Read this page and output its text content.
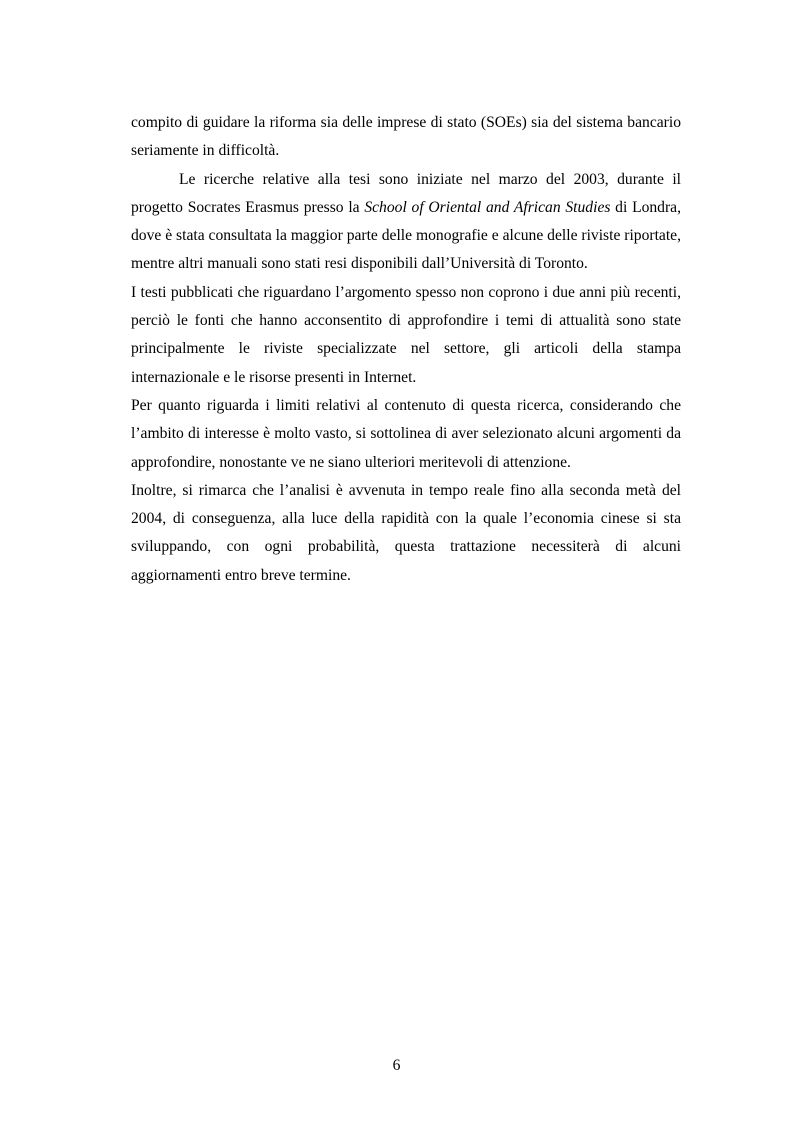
compito di guidare la riforma sia delle imprese di stato (SOEs) sia del sistema bancario seriamente in difficoltà.

Le ricerche relative alla tesi sono iniziate nel marzo del 2003, durante il progetto Socrates Erasmus presso la School of Oriental and African Studies di Londra, dove è stata consultata la maggior parte delle monografie e alcune delle riviste riportate, mentre altri manuali sono stati resi disponibili dall’Università di Toronto.

I testi pubblicati che riguardano l’argomento spesso non coprono i due anni più recenti, perciò le fonti che hanno acconsentito di approfondire i temi di attualità sono state principalmente le riviste specializzate nel settore, gli articoli della stampa internazionale e le risorse presenti in Internet.

Per quanto riguarda i limiti relativi al contenuto di questa ricerca, considerando che l’ambito di interesse è molto vasto, si sottolinea di aver selezionato alcuni argomenti da approfondire, nonostante ve ne siano ulteriori meritevoli di attenzione.

Inoltre, si rimarca che l’analisi è avvenuta in tempo reale fino alla seconda metà del 2004, di conseguenza, alla luce della rapidità con la quale l’economia cinese si sta sviluppando, con ogni probabilità, questa trattazione necessiterà di alcuni aggiornamenti entro breve termine.

6
